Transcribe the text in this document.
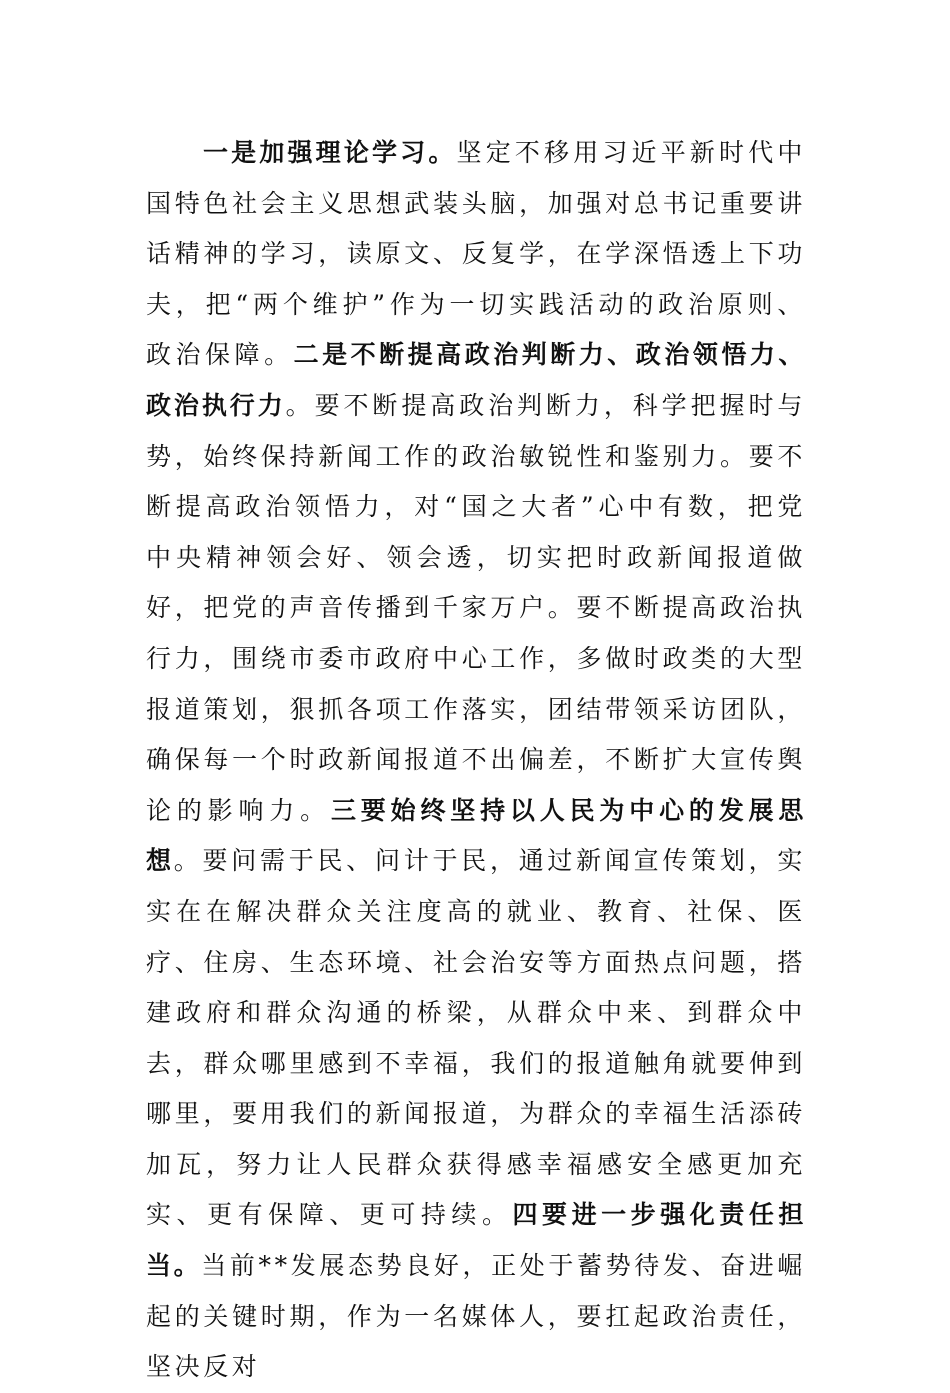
一是加强理论学习。坚定不移用习近平新时代中国特色社会主义思想武装头脑，加强对总书记重要讲话精神的学习，读原文、反复学，在学深悟透上下功夫，把“两个维护”作为一切实践活动的政治原则、政治保障。二是不断提高政治判断力、政治领悟力、政治执行力。要不断提高政治判断力，科学把握时与势，始终保持新闻工作的政治敏锐性和鉴别力。要不断提高政治领悟力，对“国之大者”心中有数，把党中央精神领会好、领会透，切实把时政新闻报道做好，把党的声音传播到千家万户。要不断提高政治执行力，围绕市委市政府中心工作，多做时政类的大型报道策划，狠抓各项工作落实，团结带领采访团队，确保每一个时政新闻报道不出偏差，不断扩大宣传舆论的影响力。三要始终坚持以人民为中心的发展思想。要问需于民、问计于民，通过新闻宣传策划，实实在在解决群众关注度高的就业、教育、社保、医疗、住房、生态环境、社会治安等方面热点问题，搭建政府和群众沟通的桥梁，从群众中来、到群众中去，群众哪里感到不幸福，我们的报道触角就要伸到哪里，要用我们的新闻报道，为群众的幸福生活添砖加瓦，努力让人民群众获得感幸福感安全感更加充实、更有保障、更可持续。四要进一步强化责任担当。当前**发展态势良好，正处于蓄势待发、奋进崛起的关键时期，作为一名媒体人，要扛起政治责任，坚决反对
